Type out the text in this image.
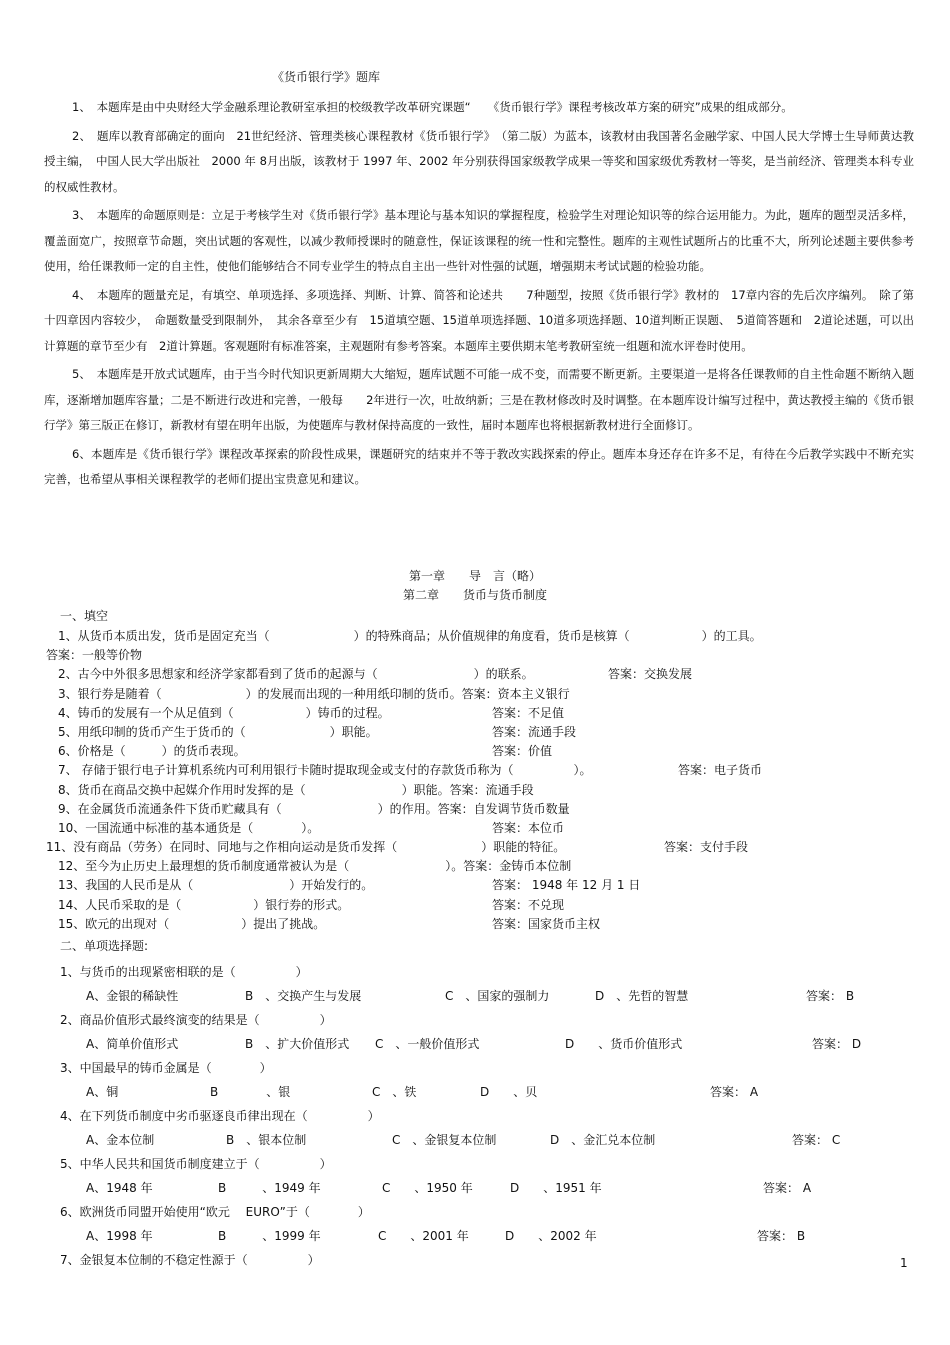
《货币银行学》题库

1、　本题库是由中央财经大学金融系理论教研室承担的校级教学改革研究课题“　　《货币银行学》课程考核改革方案的研究”成果的组成部分。

2、　题库以教育部确定的面向　21世纪经济、管理类核心课程教材《货币银行学》　（第二版）为蓝本，该教材由我国著名金融学家、中国人民大学博士生导师黄达教授主编，　中国人民大学出版社　2000 年 8月出版，该教材于 1997 年、2002 年分别获得国家级教学成果一等奖和国家级优秀教材一等奖，是当前经济、管理类本科专业的权威性教材。

3、　本题库的命题原则是：立足于考核学生对《货币银行学》基本理论与基本知识的掌握程度，检验学生对理论知识等的综合运用能力。为此，题库的题型灵活多样，覆盖面宽广，按照章节命题，突出试题的客观性，以减少教师授课时的随意性，保证该课程的统一性和完整性。题库的主观性试题所占的比重不大，所列论述题主要供参考使用，给任课教师一定的自主性，使他们能够结合不同专业学生的特点自主出一些针对性强的试题，增强期末考试试题的检验功能。

4、　本题库的题量充足，有填空、单项选择、多项选择、判断、计算、简答和论述共　　7种题型，按照《货币银行学》教材的　17章内容的先后次序编列。　除了第十四章因内容较少，　命题数量受到限制外，　其余各章至少有　15道填空题、15道单项选择题、10道多项选择题、10道判断正误题、　5道简答题和　2道论述题，可以出计算题的章节至少有　2道计算题。客观题附有标准答案，主观题附有参考答案。本题库主要供期末笔考教研室统一组题和流水评卷时使用。

5、　本题库是开放式试题库，由于当今时代知识更新周期大大缩短，题库试题不可能一成不变，而需要不断更新。主要渠道一是将各任课教师的自主性命题不断纳入题库，逐渐增加题库容量；二是不断进行改进和完善，一般每　　2年进行一次，吐故纳新；三是在教材修改时及时调整。在本题库设计编写过程中，黄达教授主编的《货币银行学》第三版正在修订，新教材有望在明年出版，为使题库与教材保持高度的一致性，届时本题库也将根据新教材进行全面修订。

6、本题库是《货币银行学》课程改革探索的阶段性成果，课题研究的结束并不等于教改实践探索的停止。题库本身还存在许多不足，有待在今后教学实践中不断充实完善，也希望从事相关课程教学的老师们提出宝贵意见和建议。

第一章　　导　言（略）
第二章　　货币与货币制度
一、填空
1、从货币本质出发，货币是固定充当（　　　　　　　）的特殊商品；从价值规律的角度看，货币是核算（　　　　　　）的工具。
答案：一般等价物
2、古今中外很多思想家和经济学家都看到了货币的起源与（　　　　　　　　）的联系。	答案：交换发展
3、银行券是随着（　　　　　　　）的发展而出现的一种用纸印制的货币。答案：资本主义银行
4、铸币的发展有一个从足值到（　　　　　　）铸币的过程。	答案：不足值
5、用纸印制的货币产生于货币的（　　　　　　　）职能。	答案：流通手段
6、价格是（　　　）的货币表现。	答案：价值
7、 存储于银行电子计算机系统内可利用银行卡随时提取现金或支付的存款货币称为（　　　　　）。	答案：电子货币
8、货币在商品交换中起媒介作用时发挥的是（　　　　　　　　）职能。答案：流通手段
9、在金属货币流通条件下货币贮藏具有（　　　　　　　　）的作用。答案：自发调节货币数量
10、一国流通中标准的基本通货是（　　　　）。	答案：本位币
11、没有商品（劳务）在同时、同地与之作相向运动是货币发挥（　　　　　　　）职能的特征。	答案：支付手段
12、至今为止历史上最理想的货币制度通常被认为是（　　　　　　　　）。答案：金铸币本位制
13、我国的人民币是从（　　　　　　　　）开始发行的。	答案： 1948 年 12 月 1 日
14、人民币采取的是（　　　　　　）银行券的形式。	答案：不兑现
15、欧元的出现对（　　　　　　）提出了挑战。	答案：国家货币主权
二、单项选择题:
1、与货币的出现紧密相联的是（　　　　　）
A、金银的稀缺性	B　、交换产生与发展	C　、国家的强制力	D　、先哲的智慧	答案： B
2、商品价值形式最终演变的结果是（　　　　　）
A、简单价值形式	B　、扩大价值形式 C　、一般价值形式	D　　、货币价值形式	答案： D
3、中国最早的铸币金属是（　　　　）
A、铜	B　　　　、银	C　、铁	D　　、贝	答案： A
4、在下列货币制度中劣币驱逐良币律出现在（　　　　　）
A、金本位制	B　、银本位制	C　、金银复本位制	D　、金汇兑本位制	答案： C
5、中华人民共和国货币制度建立于（　　　　　）
A、1948 年	B　　　、1949 年	C　　、1950 年	D　　、1951 年	答案： A
6、欧洲货币同盟开始使用“欧元　 EURO”于（　　　　）
A、1998 年	B　　　、1999 年	C　　、2001 年	D　　、2002 年	答案： B
7、金银复本位制的不稳定性源于（　　　　　）	1
